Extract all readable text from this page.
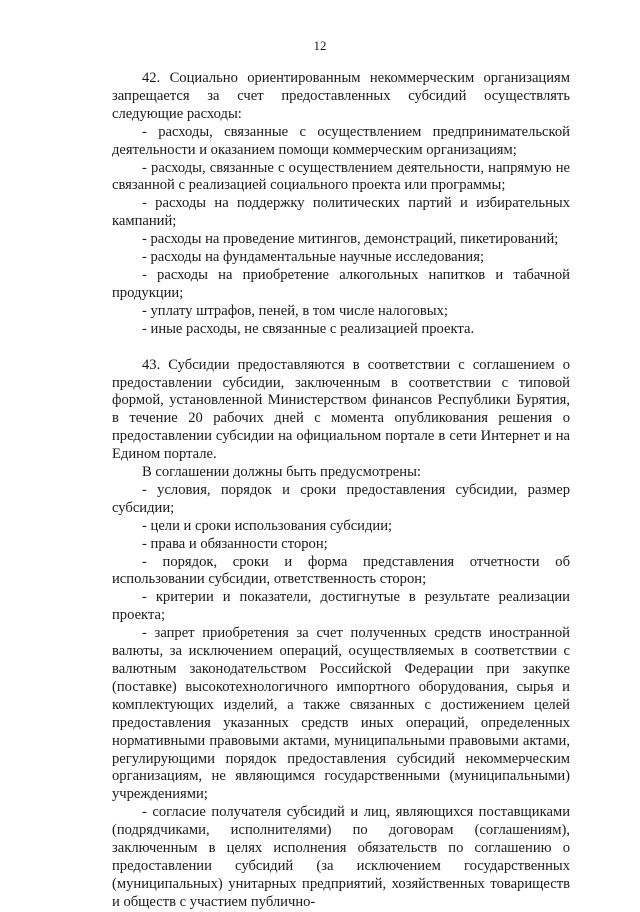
12

42. Социально ориентированным некоммерческим организациям запрещается за счет предоставленных субсидий осуществлять следующие расходы:

- расходы, связанные с осуществлением предпринимательской деятельности и оказанием помощи коммерческим организациям;

- расходы, связанные с осуществлением деятельности, напрямую не связанной с реализацией социального проекта или программы;

- расходы на поддержку политических партий и избирательных кампаний;

- расходы на проведение митингов, демонстраций, пикетирований;

- расходы на фундаментальные научные исследования;

- расходы на приобретение алкогольных напитков и табачной продукции;

- уплату штрафов, пеней, в том числе налоговых;

- иные расходы, не связанные с реализацией проекта.

43. Субсидии предоставляются в соответствии с соглашением о предоставлении субсидии, заключенным в соответствии с типовой формой, установленной Министерством финансов Республики Бурятия, в течение 20 рабочих дней с момента опубликования решения о предоставлении субсидии на официальном портале в сети Интернет и на Едином портале.

В соглашении должны быть предусмотрены:

- условия, порядок и сроки предоставления субсидии, размер субсидии;

- цели и сроки использования субсидии;

- права и обязанности сторон;

- порядок, сроки и форма представления отчетности об использовании субсидии, ответственность сторон;

- критерии и показатели, достигнутые в результате реализации проекта;

- запрет приобретения за счет полученных средств иностранной валюты, за исключением операций, осуществляемых в соответствии с валютным законодательством Российской Федерации при закупке (поставке) высокотехнологичного импортного оборудования, сырья и комплектующих изделий, а также связанных с достижением целей предоставления указанных средств иных операций, определенных нормативными правовыми актами, муниципальными правовыми актами, регулирующими порядок предоставления субсидий некоммерческим организациям, не являющимся государственными (муниципальными) учреждениями;

- согласие получателя субсидий и лиц, являющихся поставщиками (подрядчиками, исполнителями) по договорам (соглашениям), заключенным в целях исполнения обязательств по соглашению о предоставлении субсидий (за исключением государственных (муниципальных) унитарных предприятий, хозяйственных товариществ и обществ с участием публично-
